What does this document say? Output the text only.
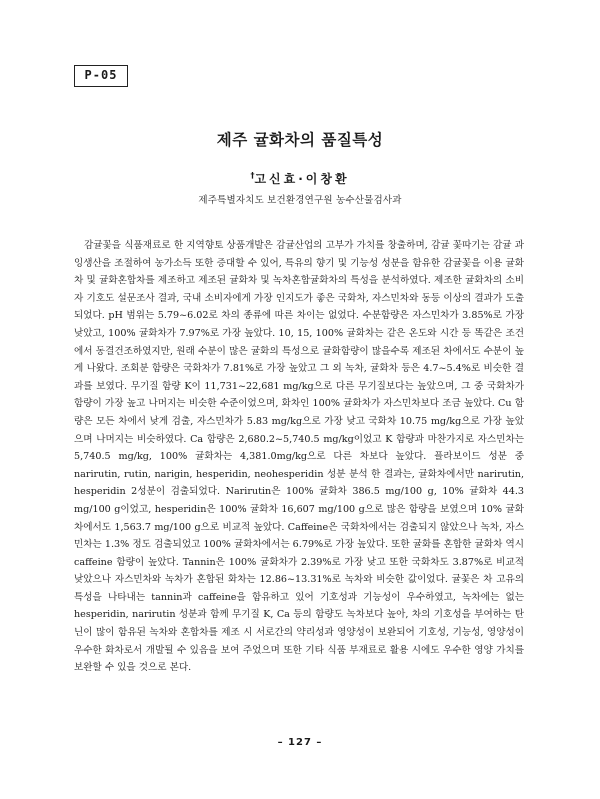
P-05
제주 귤화차의 품질특성
†고신효·이창환
제주특별자치도 보건환경연구원 농수산물검사과

감귤꽃을 식품재료로 한 지역향토 상품개발은 감귤산업의 고부가 가치를 창출하며, 감귤 꽃따기는 감귤 과잉생산을 조절하여 농가소득 또한 증대할 수 있어, 특유의 향기 및 기능성 성분을 함유한 감귤꽃을 이용 귤화차 및 귤화혼합차를 제조하고 제조된 귤화차 및 녹차혼합귤화차의 특성을 분석하였다. 제조한 귤화차의 소비자 기호도 설문조사 결과, 국내 소비자에게 가장 인지도가 좋은 국화차, 자스민차와 동등 이상의 결과가 도출되었다. pH 범위는 5.79~6.02로 차의 종류에 따른 차이는 없었다. 수분함량은 자스민차가 3.85%로 가장 낮았고, 100% 귤화차가 7.97%로 가장 높았다. 10, 15, 100% 귤화차는 같은 온도와 시간 등 똑같은 조건에서 동결건조하였지만, 원래 수분이 많은 귤화의 특성으로 귤화함량이 많을수록 제조된 차에서도 수분이 높게 나왔다. 조회분 함량은 국화차가 7.81%로 가장 높았고 그 외 녹차, 귤화차 등은 4.7~5.4%로 비슷한 결과를 보였다. 무기질 함량 K이 11,731~22,681 mg/kg으로 다른 무기질보다는 높았으며, 그 중 국화차가 함량이 가장 높고 나머지는 비슷한 수준이었으며, 화차인 100% 귤화차가 자스민차보다 조금 높았다. Cu 함량은 모든 차에서 낮게 검출, 자스민차가 5.83 mg/kg으로 가장 낮고 국화차 10.75 mg/kg으로 가장 높았으며 나머지는 비슷하였다. Ca 함량은 2,680.2~5,740.5 mg/kg이었고 K 함량과 마찬가지로 자스민차는 5,740.5 mg/kg, 100% 귤화차는 4,381.0mg/kg으로 다른 차보다 높았다. 플라보이드 성분 중 narirutin, rutin, narigin, hesperidin, neohesperidin 성분 분석 한 결과는, 귤화차에서만 narirutin, hesperidin 2성분이 검출되었다. Narirutin은 100% 귤화차 386.5 mg/100 g, 10% 귤화차 44.3 mg/100 g이었고, hesperidin은 100% 귤화차 16,607 mg/100 g으로 많은 함량을 보였으며 10% 귤화차에서도 1,563.7 mg/100 g으로 비교적 높았다. Caffeine은 국화차에서는 검출되지 않았으나 녹차, 자스민차는 1.3% 정도 검출되었고 100% 귤화차에서는 6.79%로 가장 높았다. 또한 귤화를 혼합한 귤화차 역시 caffeine 함량이 높았다. Tannin은 100% 귤화차가 2.39%로 가장 낮고 또한 국화차도 3.87%로 비교적 낮았으나 자스민차와 녹차가 혼합된 화차는 12.86~13.31%로 녹차와 비슷한 값이었다. 귤꽃은 차 고유의 특성을 나타내는 tannin과 caffeine을 함유하고 있어 기호성과 기능성이 우수하였고, 녹차에는 없는 hesperidin, narirutin 성분과 함께 무기질 K, Ca 등의 함량도 녹차보다 높아, 차의 기호성을 부여하는 탄닌이 많이 함유된 녹차와 혼합차를 제조 시 서로간의 약리성과 영양성이 보완되어 기호성, 기능성, 영양성이 우수한 화차로서 개발될 수 있음을 보여 주었으며 또한 기타 식품 부재료로 활용 시에도 우수한 영양 가치를 보완할 수 있을 것으로 본다.

– 127 –
